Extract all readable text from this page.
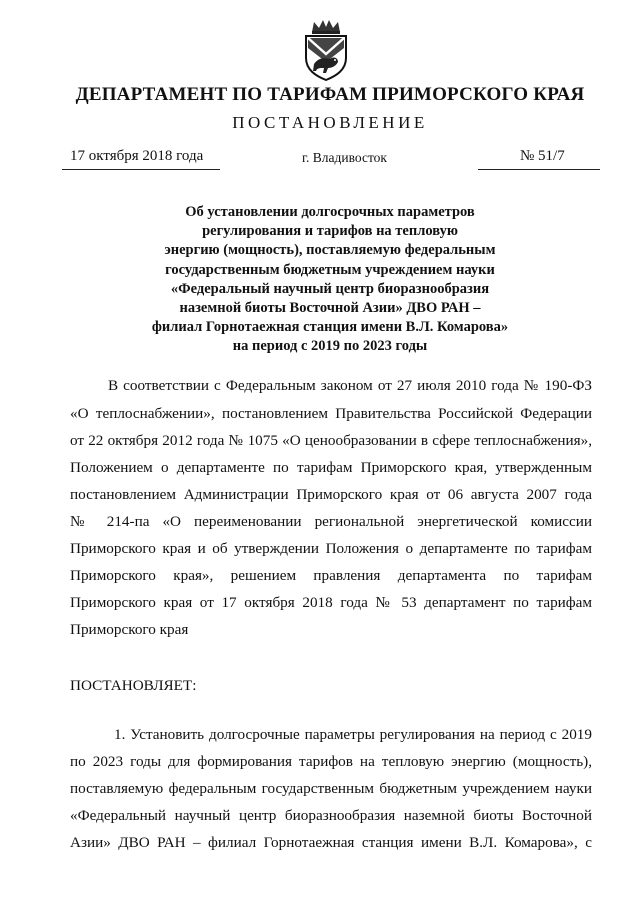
ДЕПАРТАМЕНТ ПО ТАРИФАМ ПРИМОРСКОГО КРАЯ
ПОСТАНОВЛЕНИЕ
17 октября 2018 года	г. Владивосток	№ 51/7
Об установлении долгосрочных параметров
регулирования и тарифов на тепловую
энергию (мощность), поставляемую федеральным
государственным бюджетным учреждением науки
«Федеральный научный центр биоразнообразия
наземной биоты Восточной Азии» ДВО РАН –
филиал Горнотаежная станция имени В.Л. Комарова»
на период с 2019 по 2023 годы
В соответствии с Федеральным законом от 27 июля 2010 года № 190-ФЗ
«О теплоснабжении», постановлением Правительства Российской Федерации
от 22 октября 2012 года № 1075 «О ценообразовании в сфере теплоснабжения»,
Положением о департаменте по тарифам Приморского края, утвержденным
постановлением Администрации Приморского края от 06 августа 2007 года
№ 214-па «О переименовании региональной энергетической комиссии
Приморского края и об утверждении Положения о департаменте по тарифам
Приморского края», решением правления департамента по тарифам
Приморского края от 17 октября 2018 года № 53 департамент по тарифам
Приморского края
ПОСТАНОВЛЯЕТ:
1. Установить долгосрочные параметры регулирования на период с 2019
по 2023 годы для формирования тарифов на тепловую энергию (мощность),
поставляемую федеральным государственным бюджетным учреждением науки
«Федеральный научный центр биоразнообразия наземной биоты Восточной
Азии» ДВО РАН – филиал Горнотаежная станция имени В.Л. Комарова», с
